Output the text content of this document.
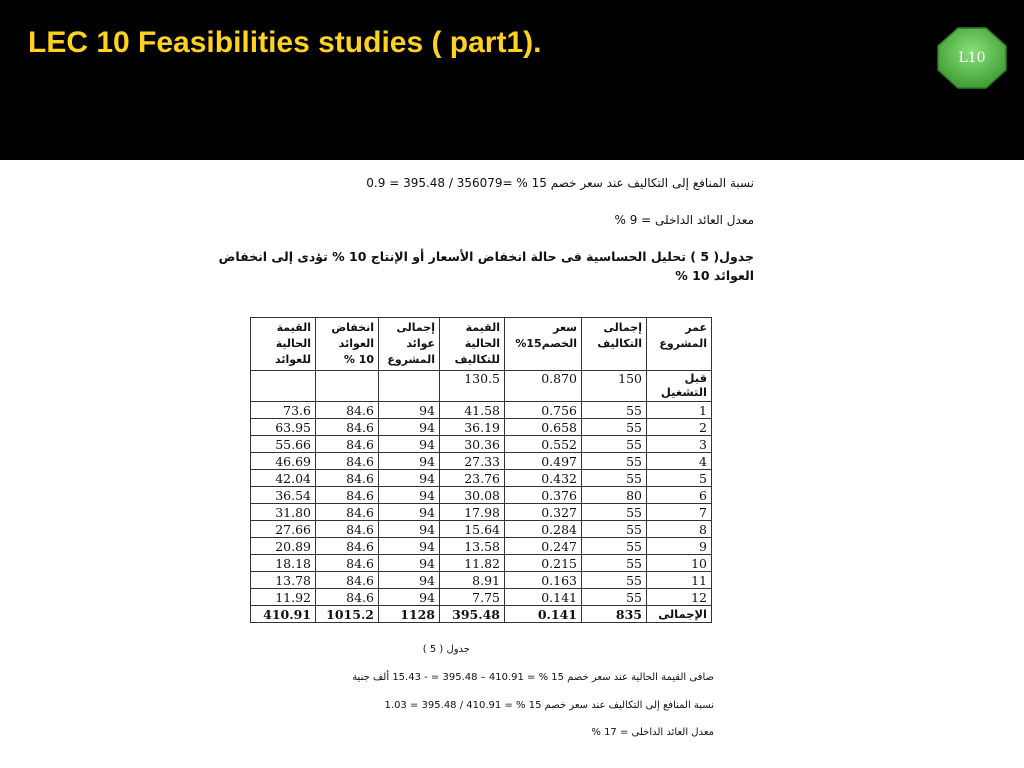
LEC 10 Feasibilities studies ( part1).	L10
نسبة المنافع إلى التكاليف عند سعر خصم 15 % =356079 / 395.48 = 0.9
معدل العائد الداخلى = 9 %
جدول( 5 ) تحليل الحساسية فى حالة انخفاض الأسعار أو الإنتاج 10 % تؤدى إلى انخفاض العوائد 10 %
القيمة الحالية للعوائد	انخفاض العوائد 10 %	إجمالى عوائد المشروع	القيمة الحالية للتكاليف	سعر الخصم15%	إجمالى التكاليف	عمر المشروع
			130.5	0.870	150	قبل التشغيل
73.6	84.6	94	41.58	0.756	55	1
63.95	84.6	94	36.19	0.658	55	2
55.66	84.6	94	30.36	0.552	55	3
46.69	84.6	94	27.33	0.497	55	4
42.04	84.6	94	23.76	0.432	55	5
36.54	84.6	94	30.08	0.376	80	6
31.80	84.6	94	17.98	0.327	55	7
27.66	84.6	94	15.64	0.284	55	8
20.89	84.6	94	13.58	0.247	55	9
18.18	84.6	94	11.82	0.215	55	10
13.78	84.6	94	8.91	0.163	55	11
11.92	84.6	94	7.75	0.141	55	12
410.91	1015.2	1128	395.48	0.141	835	الإجمالى
جدول ( 5 )
صافى القيمة الحالية عند سعر خصم 15 % = 410.91 – 395.48 = - 15.43 ألف جنية
نسبة المنافع إلى التكاليف عند سعر خصم 15 % = 410.91 / 395.48 = 1.03
معدل العائد الداخلى = 17 %
